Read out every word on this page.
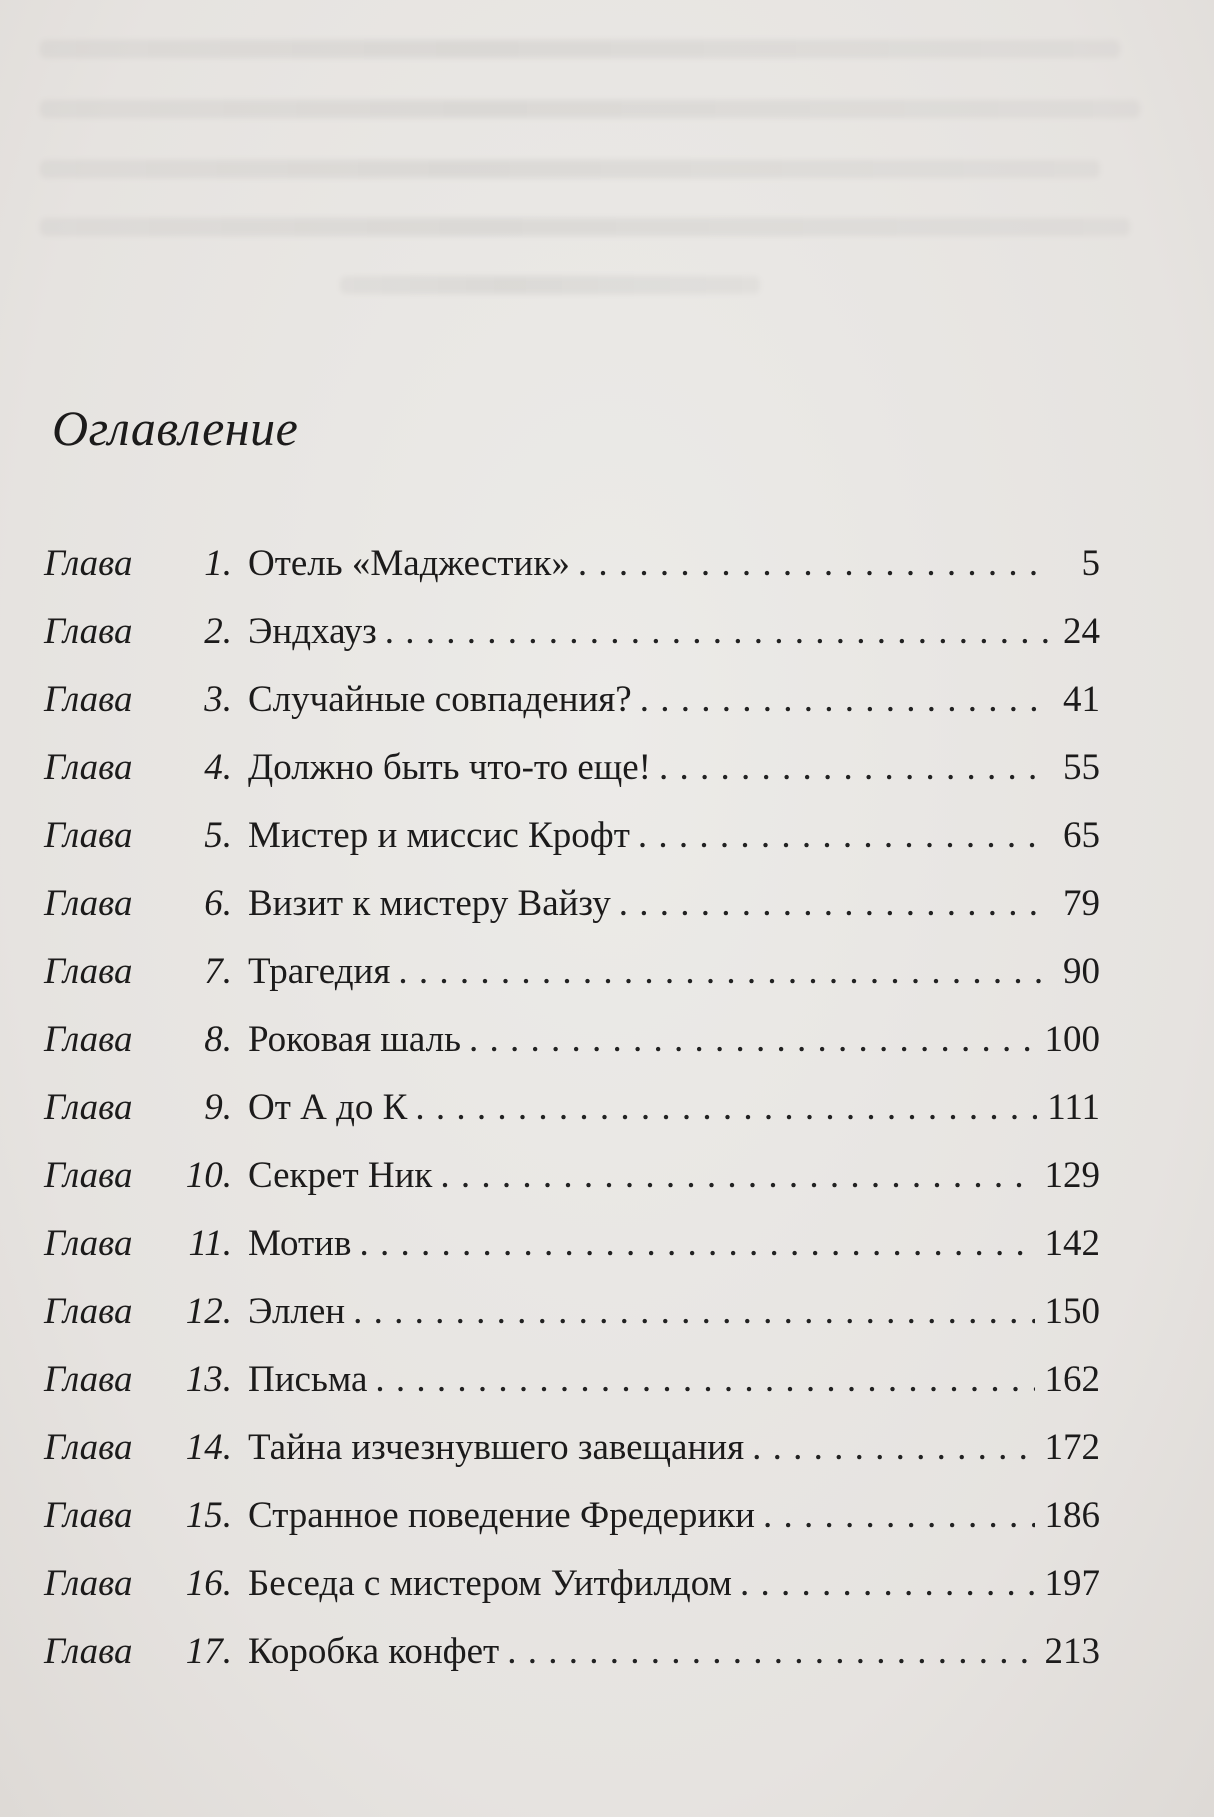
Оглавление
Глава	1. Отель «Маджестик» . . .	5
Глава	2. Эндхауз . . .	24
Глава	3. Случайные совпадения? . . .	41
Глава	4. Должно быть что-то еще! . . .	55
Глава	5. Мистер и миссис Крофт . . .	65
Глава	6. Визит к мистеру Вайзу . . .	79
Глава	7. Трагедия . . .	90
Глава	8. Роковая шаль . . .	100
Глава	9. От А до К . . .	111
Глава	10. Секрет Ник . . .	129
Глава	11. Мотив . . .	142
Глава	12. Эллен . . .	150
Глава	13. Письма . . .	162
Глава	14. Тайна изчезнувшего завещания . . .	172
Глава	15. Странное поведение Фредерики . . .	186
Глава	16. Беседа с мистером Уитфилдом . . .	197
Глава	17. Коробка конфет . . .	213
